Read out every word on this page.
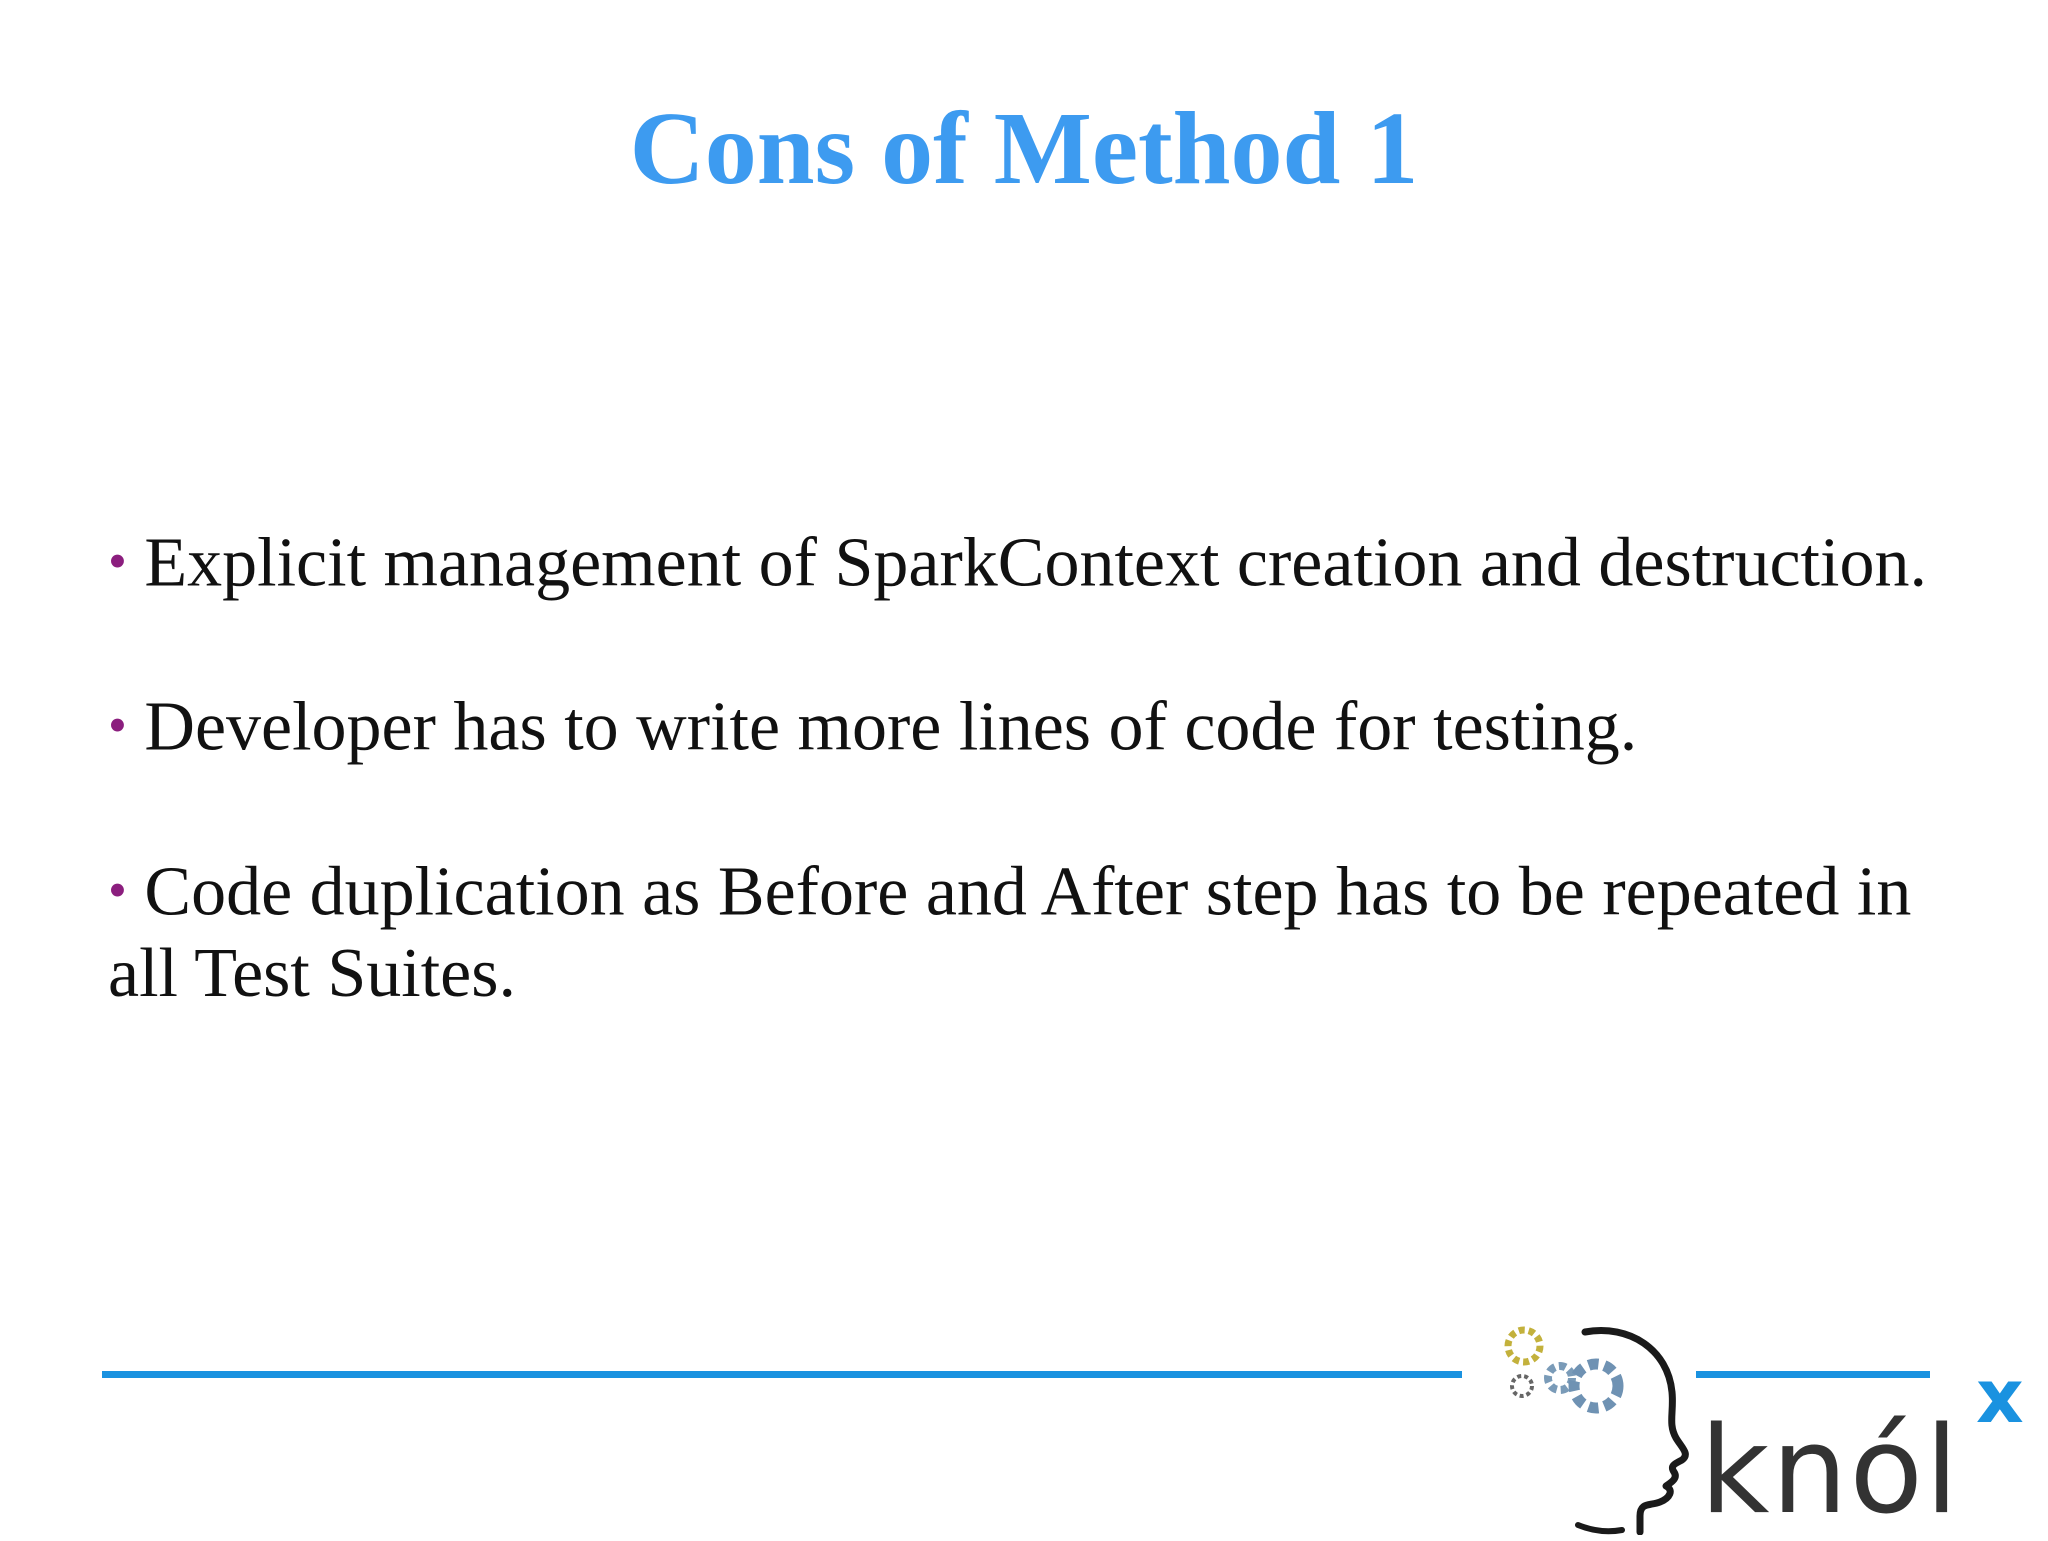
Cons of Method 1

• Explicit management of SparkContext creation and destruction.

• Developer has to write more lines of code for testing.

• Code duplication as Before and After step has to be repeated in all Test Suites.

knól
x
